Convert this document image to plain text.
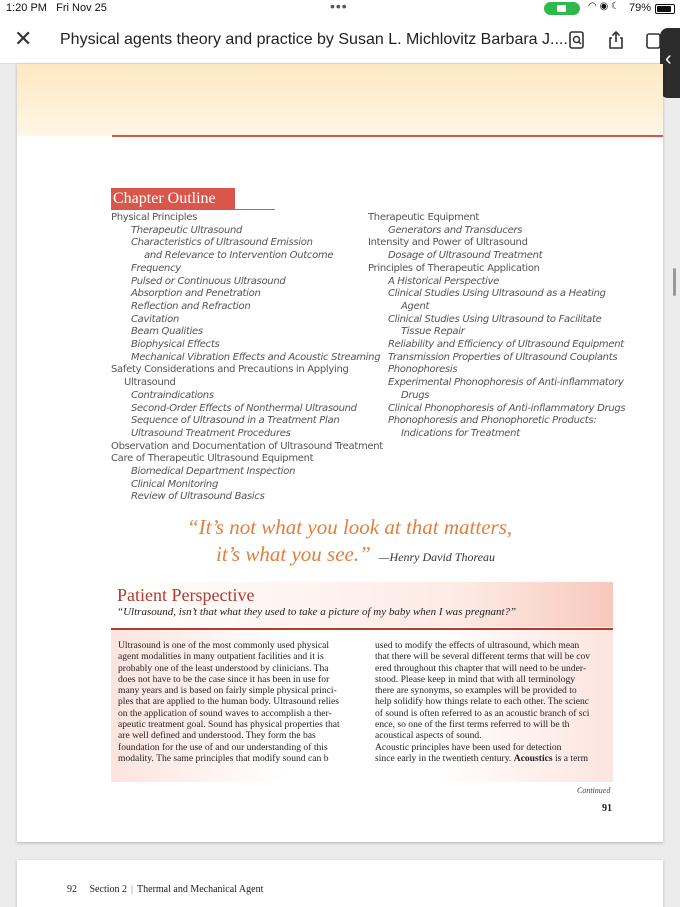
1:20 PM Fri Nov 25	•••	◠ ◉ ☾ 79%
✕ Physical agents theory and practice by Susan L. Michlovitz Barbara J....
‹
Chapter Outline
Physical Principles
Therapeutic Ultrasound
Characteristics of Ultrasound Emission
and Relevance to Intervention Outcome
Frequency
Pulsed or Continuous Ultrasound
Absorption and Penetration
Reflection and Refraction
Cavitation
Beam Qualities
Biophysical Effects
Mechanical Vibration Effects and Acoustic Streaming
Safety Considerations and Precautions in Applying
Ultrasound
Contraindications
Second-Order Effects of Nonthermal Ultrasound
Sequence of Ultrasound in a Treatment Plan
Ultrasound Treatment Procedures
Observation and Documentation of Ultrasound Treatment
Care of Therapeutic Ultrasound Equipment
Biomedical Department Inspection
Clinical Monitoring
Review of Ultrasound Basics
Therapeutic Equipment
Generators and Transducers
Intensity and Power of Ultrasound
Dosage of Ultrasound Treatment
Principles of Therapeutic Application
A Historical Perspective
Clinical Studies Using Ultrasound as a Heating
Agent
Clinical Studies Using Ultrasound to Facilitate
Tissue Repair
Reliability and Efficiency of Ultrasound Equipment
Transmission Properties of Ultrasound Couplants
Phonophoresis
Experimental Phonophoresis of Anti-inflammatory
Drugs
Clinical Phonophoresis of Anti-inflammatory Drugs
Phonophoresis and Phonophoretic Products:
Indications for Treatment
“It’s not what you look at that matters,
it’s what you see.” —Henry David Thoreau
Patient Perspective
“Ultrasound, isn’t that what they used to take a picture of my baby when I was pregnant?”

Ultrasound is one of the most commonly used physical

agent modalities in many outpatient facilities and it is

probably one of the least understood by clinicians. Tha

does not have to be the case since it has been in use for

many years and is based on fairly simple physical princi-

ples that are applied to the human body. Ultrasound relies

on the application of sound waves to accomplish a ther-

apeutic treatment goal. Sound has physical properties that

are well defined and understood. They form the bas

foundation for the use of and our understanding of this

modality. The same principles that modify sound can b

used to modify the effects of ultrasound, which mean

that there will be several different terms that will be cov

ered throughout this chapter that will need to be under-

stood. Please keep in mind that with all terminology

there are synonyms, so examples will be provided to

help solidify how things relate to each other. The scienc

of sound is often referred to as an acoustic branch of sci

ence, so one of the first terms referred to will be th

acoustical aspects of sound.

Acoustic principles have been used for detection

since early in the twentieth century. Acoustics is a term

Continued
91
92 Section 2 | Thermal and Mechanical Agent
